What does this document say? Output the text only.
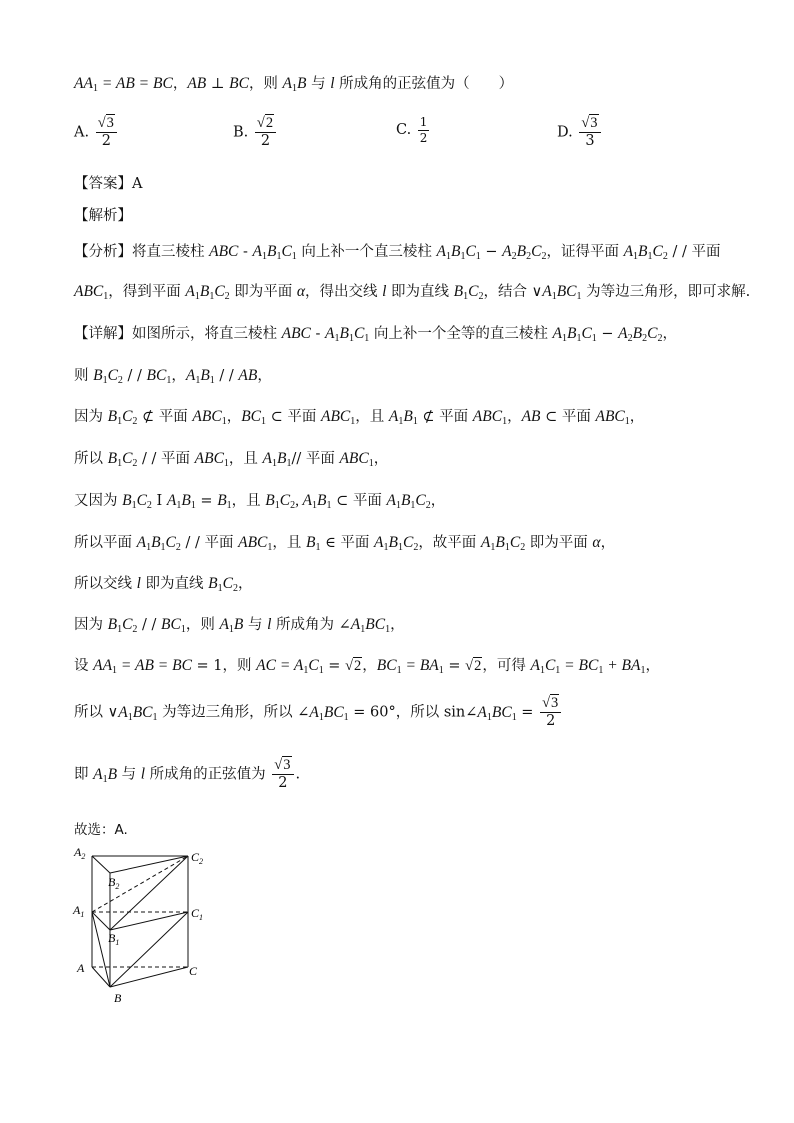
$AA_1$ = AB = BC，AB ⊥ BC，则 $A_1B$ 与 l 所成角的正弦值为（　　）
A. $\frac{√3}{2}$	B. $\frac{√2}{2}$	C. $\frac{1}{2}$	D. $\frac{√3}{3}$
【答案】A
【解析】
【分析】将直三棱柱 ABC - $A_1B_1C_1$ 向上补一个直三棱柱 $A_1B_1C_1 - A_2B_2C_2$，证得平面 $A_1B_1C_2$ / / 平面
$ABC_1$，得到平面 $A_1B_1C_2$ 即为平面 α，得出交线 l 即为直线 $B_1C_2$，结合 $\vee A_1BC_1$ 为等边三角形，即可求解.
【详解】如图所示，将直三棱柱 ABC - $A_1B_1C_1$ 向上补一个全等的直三棱柱 $A_1B_1C_1 - A_2B_2C_2$，
则 $B_1C_2$ / / $BC_1$，$A_1B_1$ / / AB，
因为 $B_1C_2$ ⊄ 平面 $ABC_1$，$BC_1$ ⊂ 平面 $ABC_1$，且 $A_1B_1$ ⊄ 平面 $ABC_1$，AB ⊂ 平面 $ABC_1$，
所以 $B_1C_2$ / / 平面 $ABC_1$，且 $A_1B_1//$ 平面 $ABC_1$，
又因为 $B_1C_2$ I $A_1B_1 = B_1$，且 $B_1C_2$, $A_1B_1$ ⊂ 平面 $A_1B_1C_2$，
所以平面 $A_1B_1C_2$ / / 平面 $ABC_1$，且 $B_1$ ∈ 平面 $A_1B_1C_2$，故平面 $A_1B_1C_2$ 即为平面 α，
所以交线 l 即为直线 $B_1C_2$，
因为 $B_1C_2$ / / $BC_1$，则 $A_1B$ 与 l 所成角为 $\angle A_1BC_1$，
设 $AA_1$ = AB = BC = 1，则 AC = $A_1C_1 = √2$，$BC_1 = BA_1 = √2$，可得 $A_1C_1 = BC_1 + BA_1$，
所以 $\vee A_1BC_1$ 为等边三角形，所以 $\angle A_1BC_1 = 60^\circ$，所以 $\sin\angle A_1BC_1 = \frac{√3}{2}$
即 $A_1B$ 与 l 所成角的正弦值为 $\frac{√3}{2}$ .
故选：A.
$A_2$	$C_2$
$B_2$
$A_1$	$C_1$
$B_1$
A	C
B
